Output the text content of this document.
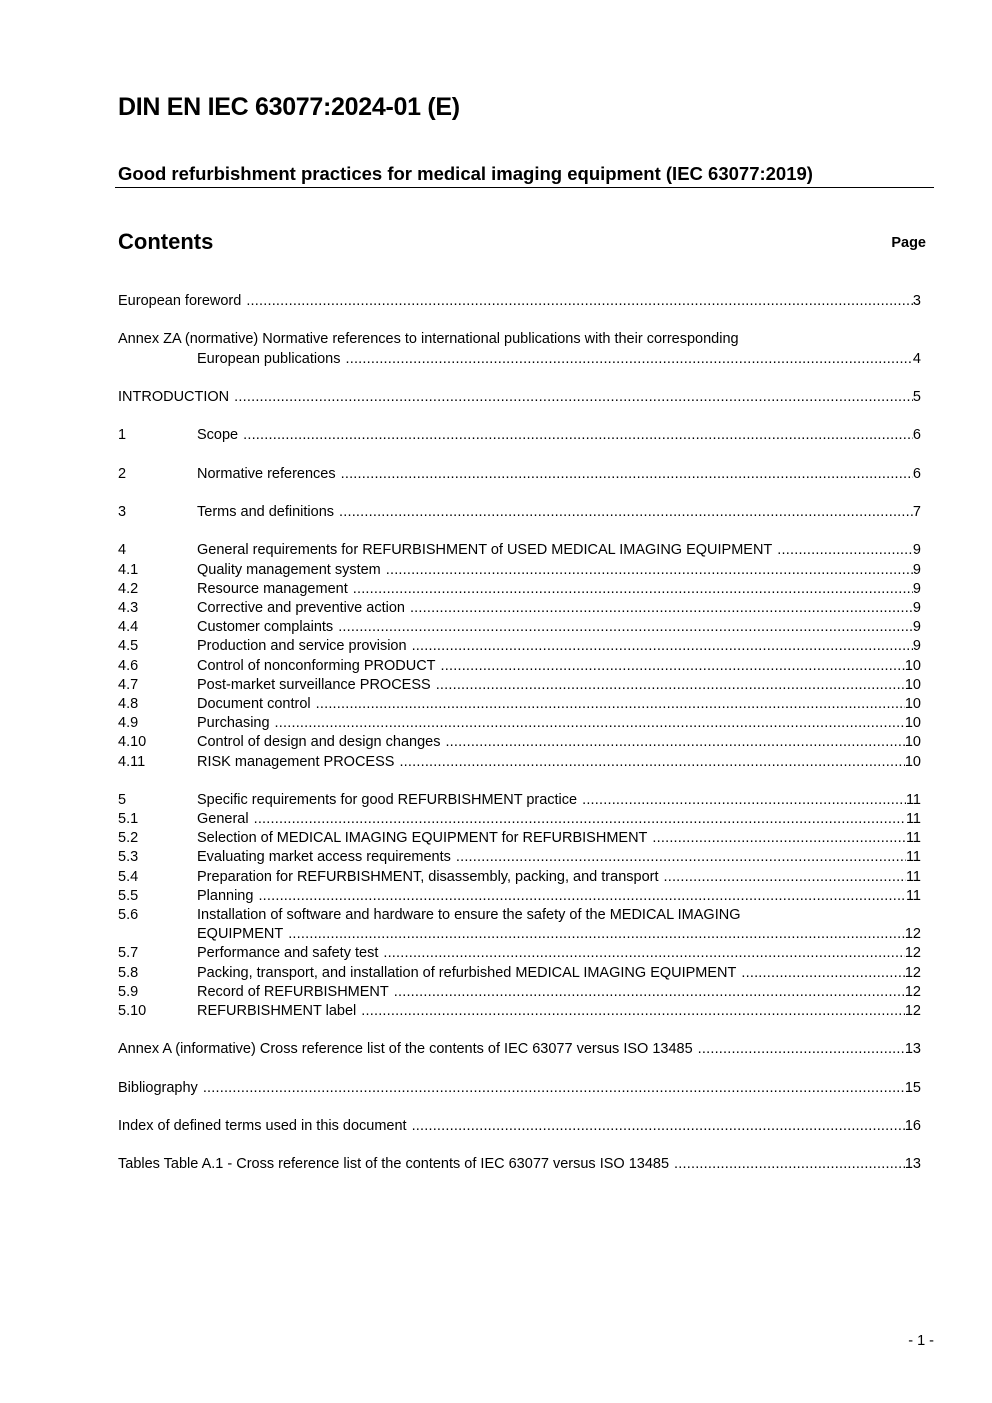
DIN EN IEC 63077:2024-01 (E)
Good refurbishment practices for medical imaging equipment (IEC 63077:2019)
Contents	Page
European foreword .....	3
Annex ZA (normative) Normative references to international publications with their corresponding
European publications .....	4
INTRODUCTION .....	5
1	Scope .....	6
2	Normative references .....	6
3	Terms and definitions .....	7
4	General requirements for REFURBISHMENT of USED MEDICAL IMAGING EQUIPMENT .....	9
4.1	Quality management system .....	9
4.2	Resource management .....	9
4.3	Corrective and preventive action .....	9
4.4	Customer complaints .....	9
4.5	Production and service provision .....	9
4.6	Control of nonconforming PRODUCT .....	10
4.7	Post-market surveillance PROCESS .....	10
4.8	Document control .....	10
4.9	Purchasing .....	10
4.10	Control of design and design changes .....	10
4.11	RISK management PROCESS .....	10
5	Specific requirements for good REFURBISHMENT practice .....	11
5.1	General .....	11
5.2	Selection of MEDICAL IMAGING EQUIPMENT for REFURBISHMENT .....	11
5.3	Evaluating market access requirements .....	11
5.4	Preparation for REFURBISHMENT, disassembly, packing, and transport .....	11
5.5	Planning .....	11
5.6	Installation of software and hardware to ensure the safety of the MEDICAL IMAGING
EQUIPMENT .....	12
5.7	Performance and safety test .....	12
5.8	Packing, transport, and installation of refurbished MEDICAL IMAGING EQUIPMENT .....	12
5.9	Record of REFURBISHMENT .....	12
5.10	REFURBISHMENT label .....	12
Annex A (informative) Cross reference list of the contents of IEC 63077 versus ISO 13485 .....	13
Bibliography .....	15
Index of defined terms used in this document .....	16
Tables Table A.1 - Cross reference list of the contents of IEC 63077 versus ISO 13485 .....	13
- 1 -
